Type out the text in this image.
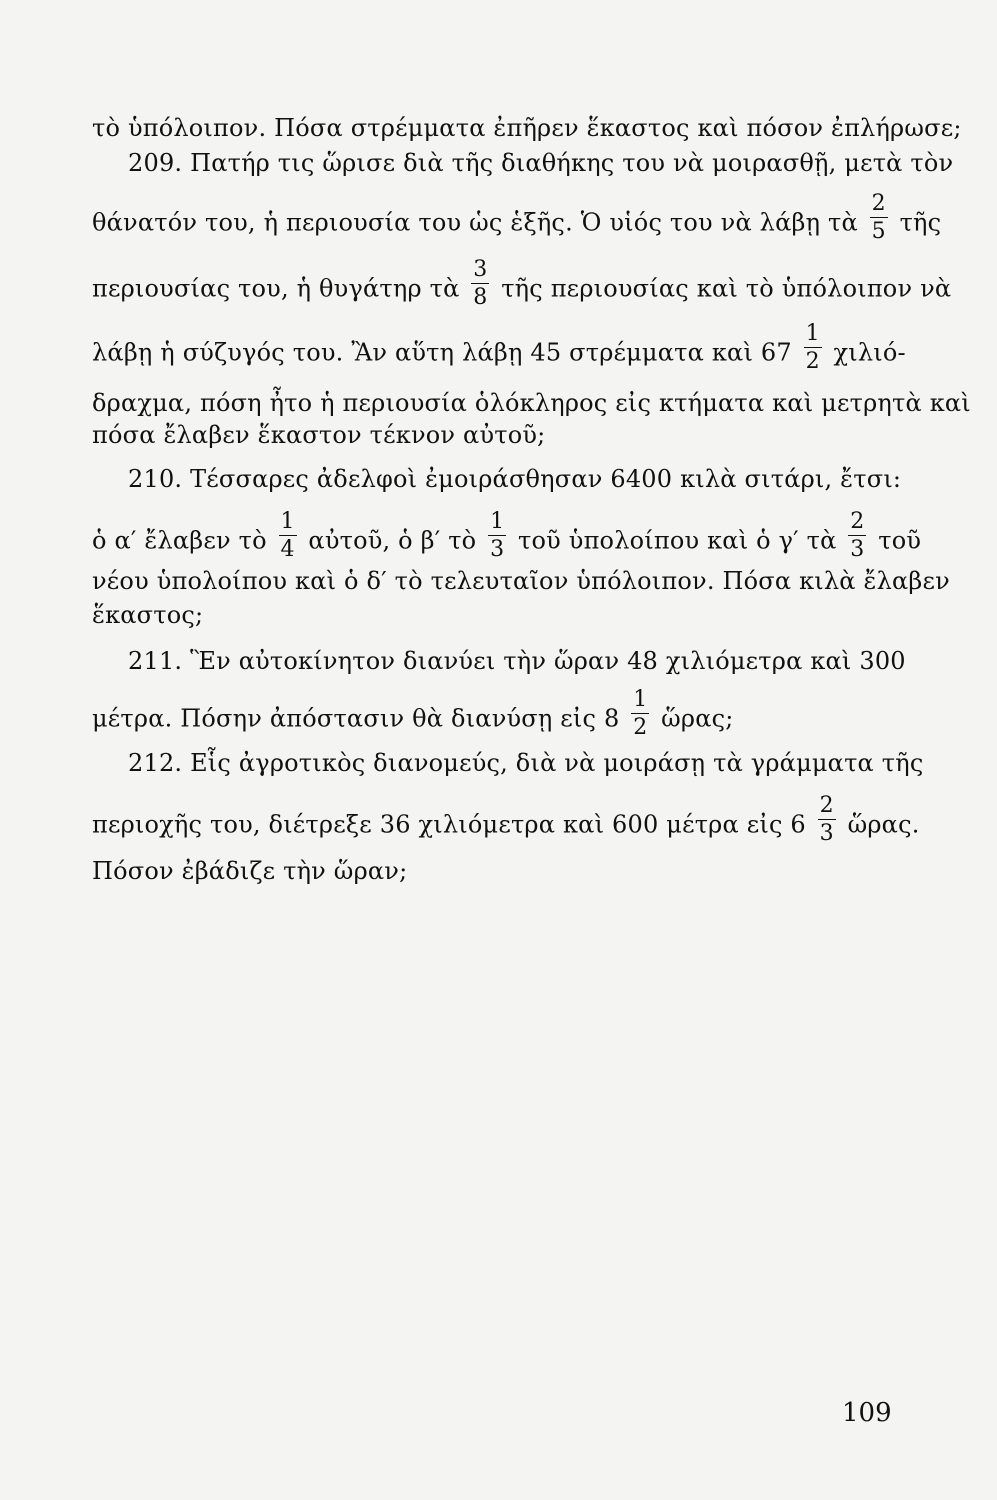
τὸ ὑπόλοιπον. Πόσα στρέμματα ἐπῆρεν ἕκαστος καὶ πόσον ἐπλήρωσε;
209. Πατήρ τις ὥρισε διὰ τῆς διαθήκης του νὰ μοιρασθῇ, μετὰ τὸν
θάνατόν του, ἡ περιουσία του ὡς ἑξῆς. Ὁ υἱός του νὰ λάβῃ τὰ $\frac{2}{5}$ τῆς
περιουσίας του, ἡ θυγάτηρ τὰ $\frac{3}{8}$ τῆς περιουσίας καὶ τὸ ὑπόλοιπον νὰ
λάβῃ ἡ σύζυγός του. Ἂν αὕτη λάβῃ 45 στρέμματα καὶ $67 \frac{1}{2} \chi\iota\lambda\iota ό-$
δραχμα, πόση ἦτο ἡ περιουσία ὁλόκληρος εἰς κτήματα καὶ μετρητὰ καὶ
πόσα ἔλαβεν ἕκαστον τέκνον αὐτοῦ;
210. Τέσσαρες ἀδελφοὶ ἐμοιράσθησαν 6400 κιλὰ σιτάρι, ἔτσι:
ὁ α′ ἔλαβεν τὸ $\frac{1}{4}$ αὐτοῦ, ὁ β′ τὸ $\frac{1}{3}$ τοῦ ὑπολοίπου καὶ ὁ γ′ τὰ $\frac{2}{3}$ τοῦ
νέου ὑπολοίπου καὶ ὁ δ′ τὸ τελευταῖον ὑπόλοιπον. Πόσα κιλὰ ἔλαβεν
ἕκαστος;
211. Ἓν αὐτοκίνητον διανύει τὴν ὥραν 48 χιλιόμετρα καὶ 300
μέτρα. Πόσην ἀπόστασιν θὰ διανύσῃ εἰς $8 \frac{1}{2}$ ὥρας;
212. Εἷς ἀγροτικὸς διανομεύς, διὰ νὰ μοιράσῃ τὰ γράμματα τῆς
περιοχῆς του, διέτρεξε 36 χιλιόμετρα καὶ 600 μέτρα εἰς $6 \frac{2}{3}$ ὥρας.
Πόσον ἐβάδιζε τὴν ὥραν;
109
